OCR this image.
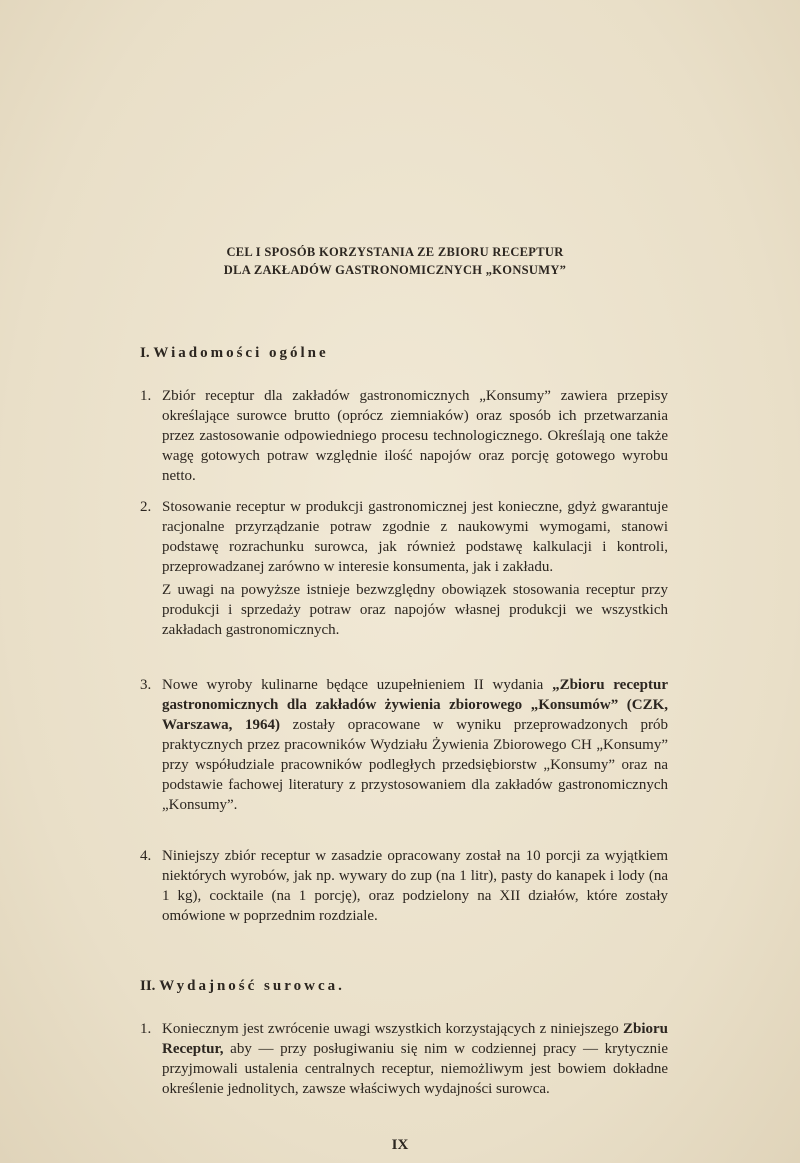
CEL I SPOSÓB KORZYSTANIA ZE ZBIORU RECEPTUR
DLA ZAKŁADÓW GASTRONOMICZNYCH „KONSUMY”
I. Wiadomości ogólne
1. Zbiór receptur dla zakładów gastronomicznych „Konsumy” zawiera przepisy określające surowce brutto (oprócz ziemniaków) oraz sposób ich przetwarzania przez zastosowanie odpowiedniego procesu technologicznego. Określają one także wagę gotowych potraw względnie ilość napojów oraz porcję gotowego wyrobu netto.
2. Stosowanie receptur w produkcji gastronomicznej jest konieczne, gdyż gwarantuje racjonalne przyrządzanie potraw zgodnie z naukowymi wymogami, stanowi podstawę rozrachunku surowca, jak również podstawę kalkulacji i kontroli, przeprowadzanej zarówno w interesie konsumenta, jak i zakładu.
Z uwagi na powyższe istnieje bezwzględny obowiązek stosowania receptur przy produkcji i sprzedaży potraw oraz napojów własnej produkcji we wszystkich zakładach gastronomicznych.
3. Nowe wyroby kulinarne będące uzupełnieniem II wydania „Zbioru receptur gastronomicznych dla zakładów żywienia zbiorowego „Konsumów” (CZK, Warszawa, 1964) zostały opracowane w wyniku przeprowadzonych prób praktycznych przez pracowników Wydziału Żywienia Zbiorowego CH „Konsumy” przy współudziale pracowników podległych przedsiębiorstw „Konsumy” oraz na podstawie fachowej literatury z przystosowaniem dla zakładów gastronomicznych „Konsumy”.
4. Niniejszy zbiór receptur w zasadzie opracowany został na 10 porcji za wyjątkiem niektórych wyrobów, jak np. wywary do zup (na 1 litr), pasty do kanapek i lody (na 1 kg), cocktaile (na 1 porcję), oraz podzielony na XII działów, które zostały omówione w poprzednim rozdziale.
II. Wydajność surowca.
1. Koniecznym jest zwrócenie uwagi wszystkich korzystających z niniejszego Zbioru Receptur, aby — przy posługiwaniu się nim w codziennej pracy — krytycznie przyjmowali ustalenia centralnych receptur, niemożliwym jest bowiem dokładne określenie jednolitych, zawsze właściwych wydajności surowca.
IX
